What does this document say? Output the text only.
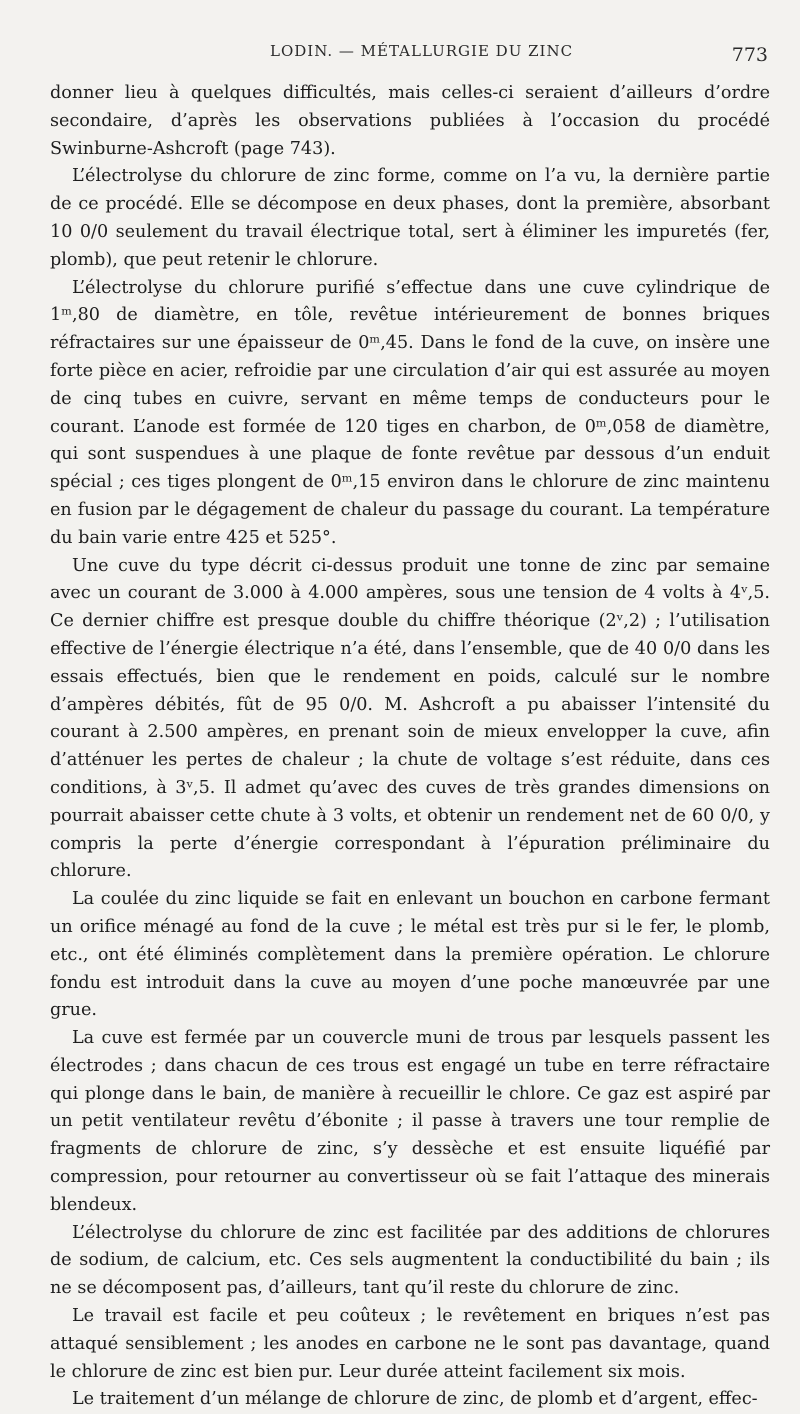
LODIN. — MÉTALLURGIE DU ZINC	773

donner lieu à quelques difficultés, mais celles-ci seraient d’ailleurs d’ordre secondaire, d’après les observations publiées à l’occasion du procédé Swinburne-Ashcroft (page 743).

L’électrolyse du chlorure de zinc forme, comme on l’a vu, la dernière partie de ce procédé. Elle se décompose en deux phases, dont la première, absorbant 10 0/0 seulement du travail électrique total, sert à éliminer les impuretés (fer, plomb), que peut retenir le chlorure.

L’électrolyse du chlorure purifié s’effectue dans une cuve cylindrique de 1ᵐ,80 de diamètre, en tôle, revêtue intérieurement de bonnes briques réfractaires sur une épaisseur de 0ᵐ,45. Dans le fond de la cuve, on insère une forte pièce en acier, refroidie par une circulation d’air qui est assurée au moyen de cinq tubes en cuivre, servant en même temps de conducteurs pour le courant. L’anode est formée de 120 tiges en charbon, de 0ᵐ,058 de diamètre, qui sont suspendues à une plaque de fonte revêtue par dessous d’un enduit spécial ; ces tiges plongent de 0ᵐ,15 environ dans le chlorure de zinc maintenu en fusion par le dégagement de chaleur du passage du courant. La température du bain varie entre 425 et 525°.

Une cuve du type décrit ci-dessus produit une tonne de zinc par semaine avec un courant de 3.000 à 4.000 ampères, sous une tension de 4 volts à 4ᵛ,5. Ce dernier chiffre est presque double du chiffre théorique (2ᵛ,2) ; l’utilisation effective de l’énergie électrique n’a été, dans l’ensemble, que de 40 0/0 dans les essais effectués, bien que le rendement en poids, calculé sur le nombre d’ampères débités, fût de 95 0/0. M. Ashcroft a pu abaisser l’intensité du courant à 2.500 ampères, en prenant soin de mieux envelopper la cuve, afin d’atténuer les pertes de chaleur ; la chute de voltage s’est réduite, dans ces conditions, à 3ᵛ,5. Il admet qu’avec des cuves de très grandes dimensions on pourrait abaisser cette chute à 3 volts, et obtenir un rendement net de 60 0/0, y compris la perte d’énergie correspondant à l’épuration préliminaire du chlorure.

La coulée du zinc liquide se fait en enlevant un bouchon en carbone fermant un orifice ménagé au fond de la cuve ; le métal est très pur si le fer, le plomb, etc., ont été éliminés complètement dans la première opération. Le chlorure fondu est introduit dans la cuve au moyen d’une poche manœuvrée par une grue.

La cuve est fermée par un couvercle muni de trous par lesquels passent les électrodes ; dans chacun de ces trous est engagé un tube en terre réfractaire qui plonge dans le bain, de manière à recueillir le chlore. Ce gaz est aspiré par un petit ventilateur revêtu d’ébonite ; il passe à travers une tour remplie de fragments de chlorure de zinc, s’y dessèche et est ensuite liquéfié par compression, pour retourner au convertisseur où se fait l’attaque des minerais blendeux.

L’électrolyse du chlorure de zinc est facilitée par des additions de chlorures de sodium, de calcium, etc. Ces sels augmentent la conductibilité du bain ; ils ne se décomposent pas, d’ailleurs, tant qu’il reste du chlorure de zinc.

Le travail est facile et peu coûteux ; le revêtement en briques n’est pas attaqué sensiblement ; les anodes en carbone ne le sont pas davantage, quand le chlorure de zinc est bien pur. Leur durée atteint facilement six mois.

Le traitement d’un mélange de chlorure de zinc, de plomb et d’argent, effec-
